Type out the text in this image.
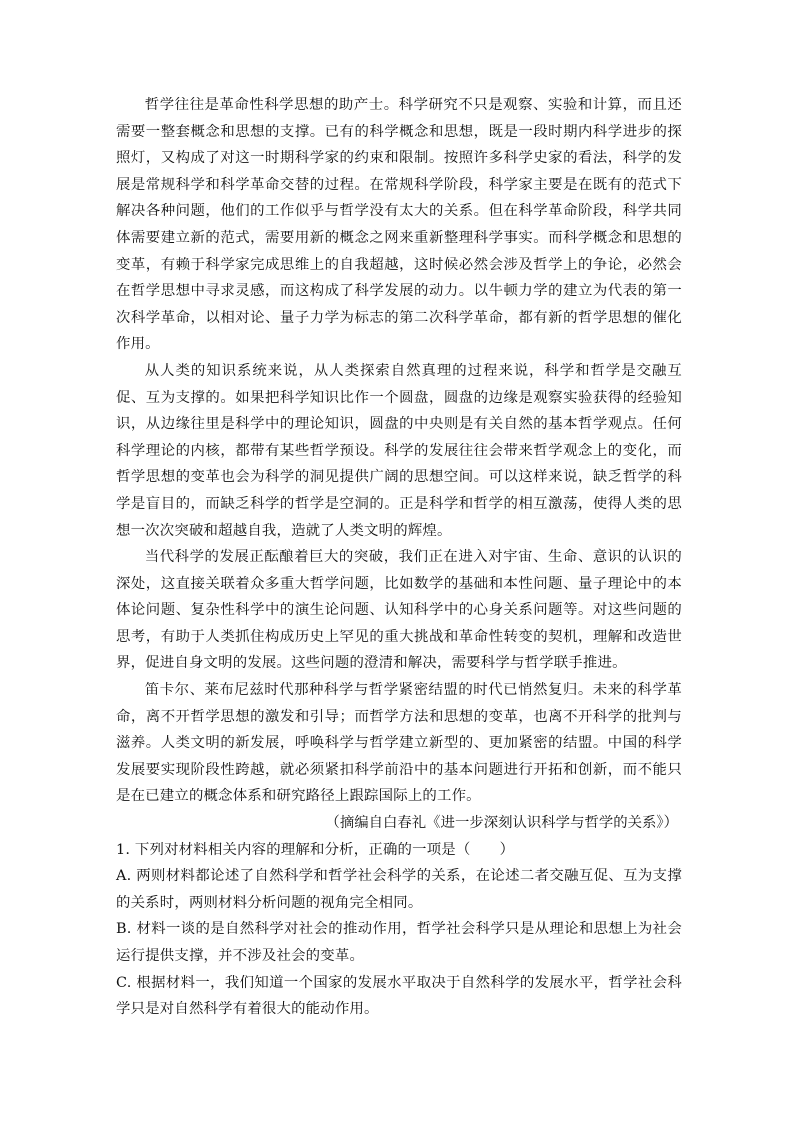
哲学往往是革命性科学思想的助产士。科学研究不只是观察、实验和计算，而且还需要一整套概念和思想的支撑。已有的科学概念和思想，既是一段时期内科学进步的探照灯，又构成了对这一时期科学家的约束和限制。按照许多科学史家的看法，科学的发展是常规科学和科学革命交替的过程。在常规科学阶段，科学家主要是在既有的范式下解决各种问题，他们的工作似乎与哲学没有太大的关系。但在科学革命阶段，科学共同体需要建立新的范式，需要用新的概念之网来重新整理科学事实。而科学概念和思想的变革，有赖于科学家完成思维上的自我超越，这时候必然会涉及哲学上的争论，必然会在哲学思想中寻求灵感，而这构成了科学发展的动力。以牛顿力学的建立为代表的第一次科学革命，以相对论、量子力学为标志的第二次科学革命，都有新的哲学思想的催化作用。

从人类的知识系统来说，从人类探索自然真理的过程来说，科学和哲学是交融互促、互为支撑的。如果把科学知识比作一个圆盘，圆盘的边缘是观察实验获得的经验知识，从边缘往里是科学中的理论知识，圆盘的中央则是有关自然的基本哲学观点。任何科学理论的内核，都带有某些哲学预设。科学的发展往往会带来哲学观念上的变化，而哲学思想的变革也会为科学的洞见提供广阔的思想空间。可以这样来说，缺乏哲学的科学是盲目的，而缺乏科学的哲学是空洞的。正是科学和哲学的相互激荡，使得人类的思想一次次突破和超越自我，造就了人类文明的辉煌。

当代科学的发展正酝酿着巨大的突破，我们正在进入对宇宙、生命、意识的认识的深处，这直接关联着众多重大哲学问题，比如数学的基础和本性问题、量子理论中的本体论问题、复杂性科学中的演生论问题、认知科学中的心身关系问题等。对这些问题的思考，有助于人类抓住构成历史上罕见的重大挑战和革命性转变的契机，理解和改造世界，促进自身文明的发展。这些问题的澄清和解决，需要科学与哲学联手推进。

笛卡尔、莱布尼兹时代那种科学与哲学紧密结盟的时代已悄然复归。未来的科学革命，离不开哲学思想的激发和引导；而哲学方法和思想的变革，也离不开科学的批判与滋养。人类文明的新发展，呼唤科学与哲学建立新型的、更加紧密的结盟。中国的科学发展要实现阶段性跨越，就必须紧扣科学前沿中的基本问题进行开拓和创新，而不能只是在已建立的概念体系和研究路径上跟踪国际上的工作。

（摘编自白春礼《进一步深刻认识科学与哲学的关系》）

1. 下列对材料相关内容的理解和分析，正确的一项是（　　）

A. 两则材料都论述了自然科学和哲学社会科学的关系，在论述二者交融互促、互为支撑的关系时，两则材料分析问题的视角完全相同。

B. 材料一谈的是自然科学对社会的推动作用，哲学社会科学只是从理论和思想上为社会运行提供支撑，并不涉及社会的变革。

C. 根据材料一，我们知道一个国家的发展水平取决于自然科学的发展水平，哲学社会科学只是对自然科学有着很大的能动作用。
